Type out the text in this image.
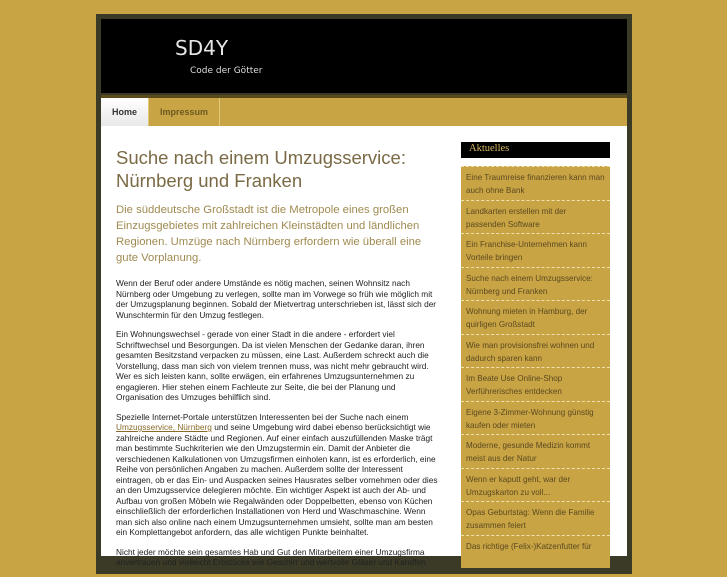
SD4Y
Code der Götter
Home	Impressum
Suche nach einem Umzugsservice: Nürnberg und Franken
Die süddeutsche Großstadt ist die Metropole eines großen Einzugsgebietes mit zahlreichen Kleinstädten und ländlichen Regionen. Umzüge nach Nürnberg erfordern wie überall eine gute Vorplanung.

Wenn der Beruf oder andere Umstände es nötig machen, seinen Wohnsitz nach Nürnberg oder Umgebung zu verlegen, sollte man im Vorwege so früh wie möglich mit der Umzugsplanung beginnen. Sobald der Mietvertrag unterschrieben ist, lässt sich der Wunschtermin für den Umzug festlegen.

Ein Wohnungswechsel - gerade von einer Stadt in die andere - erfordert viel Schriftwechsel und Besorgungen. Da ist vielen Menschen der Gedanke daran, ihren gesamten Besitzstand verpacken zu müssen, eine Last. Außerdem schreckt auch die Vorstellung, dass man sich von vielem trennen muss, was nicht mehr gebraucht wird. Wer es sich leisten kann, sollte erwägen, ein erfahrenes Umzugsunternehmen zu engagieren. Hier stehen einem Fachleute zur Seite, die bei der Planung und Organisation des Umzuges behilflich sind.

Spezielle Internet-Portale unterstützen Interessenten bei der Suche nach einem Umzugsservice, Nürnberg und seine Umgebung wird dabei ebenso berücksichtigt wie zahlreiche andere Städte und Regionen. Auf einer einfach auszufüllenden Maske trägt man bestimmte Suchkriterien wie den Umzugstermin ein. Damit der Anbieter die verschiedenen Kalkulationen von Umzugsfirmen einholen kann, ist es erforderlich, eine Reihe von persönlichen Angaben zu machen. Außerdem sollte der Interessent eintragen, ob er das Ein- und Auspacken seines Hausrates selber vornehmen oder dies an den Umzugsservice delegieren möchte. Ein wichtiger Aspekt ist auch der Ab- und Aufbau von großen Möbeln wie Regalwänden oder Doppelbetten, ebenso von Küchen einschließlich der erforderlichen Installationen von Herd und Waschmaschine. Wenn man sich also online nach einem Umzugsunternehmen umsieht, sollte man am besten ein Komplettangebot anfordern, das alle wichtigen Punkte beinhaltet.

Nicht jeder möchte sein gesamtes Hab und Gut den Mitarbeitern einer Umzugsfirma anvertrauen und vielleicht Erbstücke wie Geschirr und wertvolle Gläser und Karaffen

Aktuelles
Eine Traumreise finanzieren kann man auch ohne Bank
Landkarten erstellen mit der passenden Software
Ein Franchise-Unternehmen kann Vorteile bringen
Suche nach einem Umzugsservice: Nürnberg und Franken
Wohnung mieten in Hamburg, der quirligen Großstadt
Wie man provisionsfrei wohnen und dadurch sparen kann
Im Beate Use Online-Shop Verführerisches entdecken
Eigene 3-Zimmer-Wohnung günstig kaufen oder mieten
Moderne, gesunde Medizin kommt meist aus der Natur
Wenn er kaputt geht, war der Umzugskarton zu voll...
Opas Geburtstag: Wenn die Familie zusammen feiert
Das richtige (Felix-)Katzenfutter für
